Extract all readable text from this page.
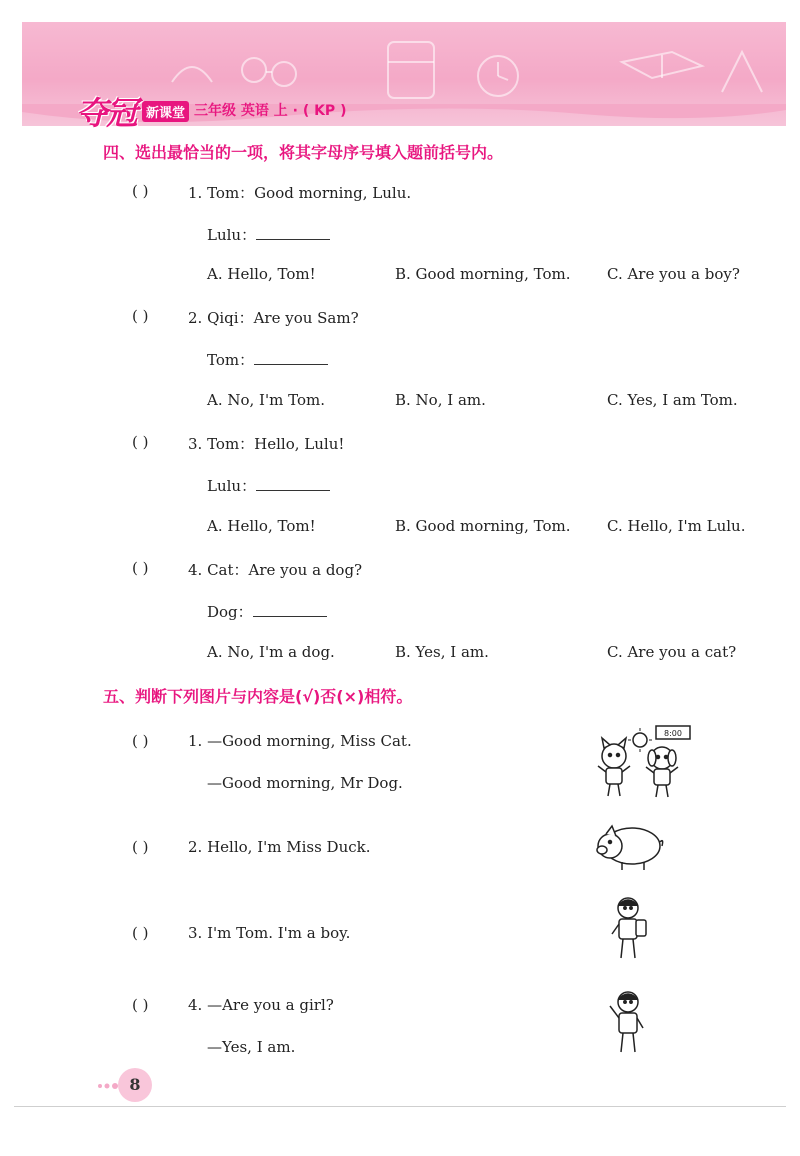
夺冠 新课堂 三年级 英语 上 · ( KP )
四、选出最恰当的一项，将其字母序号填入题前括号内。
( )	1. Tom：Good morning, Lulu.
Lulu：
A. Hello, Tom!	B. Good morning, Tom. C. Are you a boy?
( )	2. Qiqi：Are you Sam?
Tom：
A. No, I'm Tom.	B. No, I am.	C. Yes, I am Tom.
( )	3. Tom：Hello, Lulu!
Lulu：
A. Hello, Tom!	B. Good morning, Tom. C. Hello, I'm Lulu.
( )	4. Cat：Are you a dog?
Dog：
A. No, I'm a dog.	B. Yes, I am.	C. Are you a cat?
五、判断下列图片与内容是(√)否(×)相符。
( )	1. —Good morning, Miss Cat.
—Good morning, Mr Dog.
8:00
( )	2. Hello, I'm Miss Duck.
( )	3. I'm Tom. I'm a boy.
( )	4. —Are you a girl?
—Yes, I am.
8
